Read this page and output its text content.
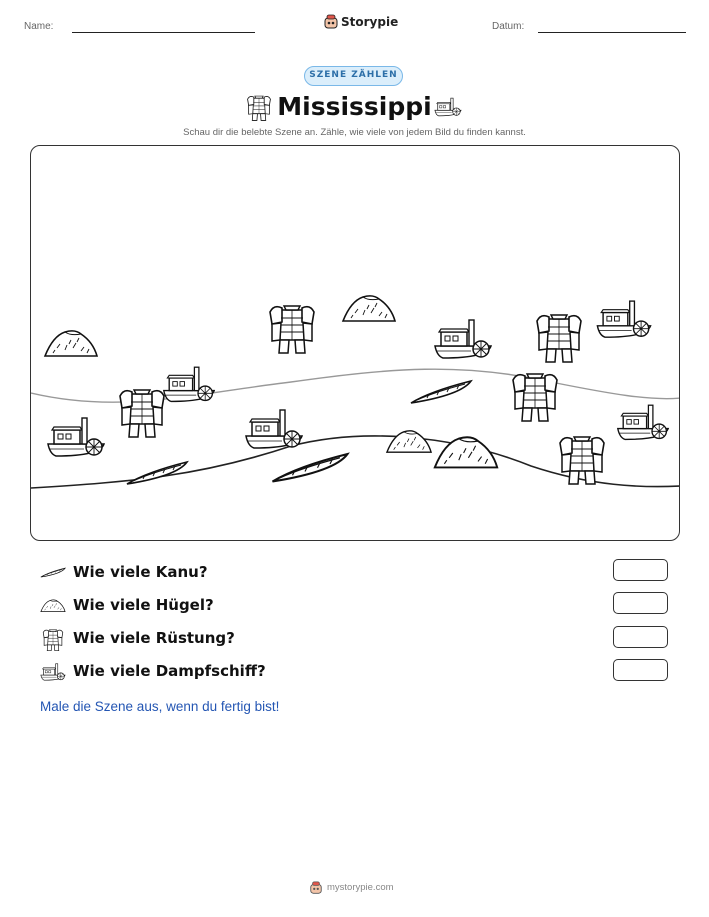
Name:	Storypie	Datum:
SZENE ZÄHLEN
Mississippi
Schau dir die belebte Szene an. Zähle, wie viele von jedem Bild du finden kannst.
Wie viele Kanu?
Wie viele Hügel?
Wie viele Rüstung?
Wie viele Dampfschiff?
Male die Szene aus, wenn du fertig bist!
mystorypie.com
